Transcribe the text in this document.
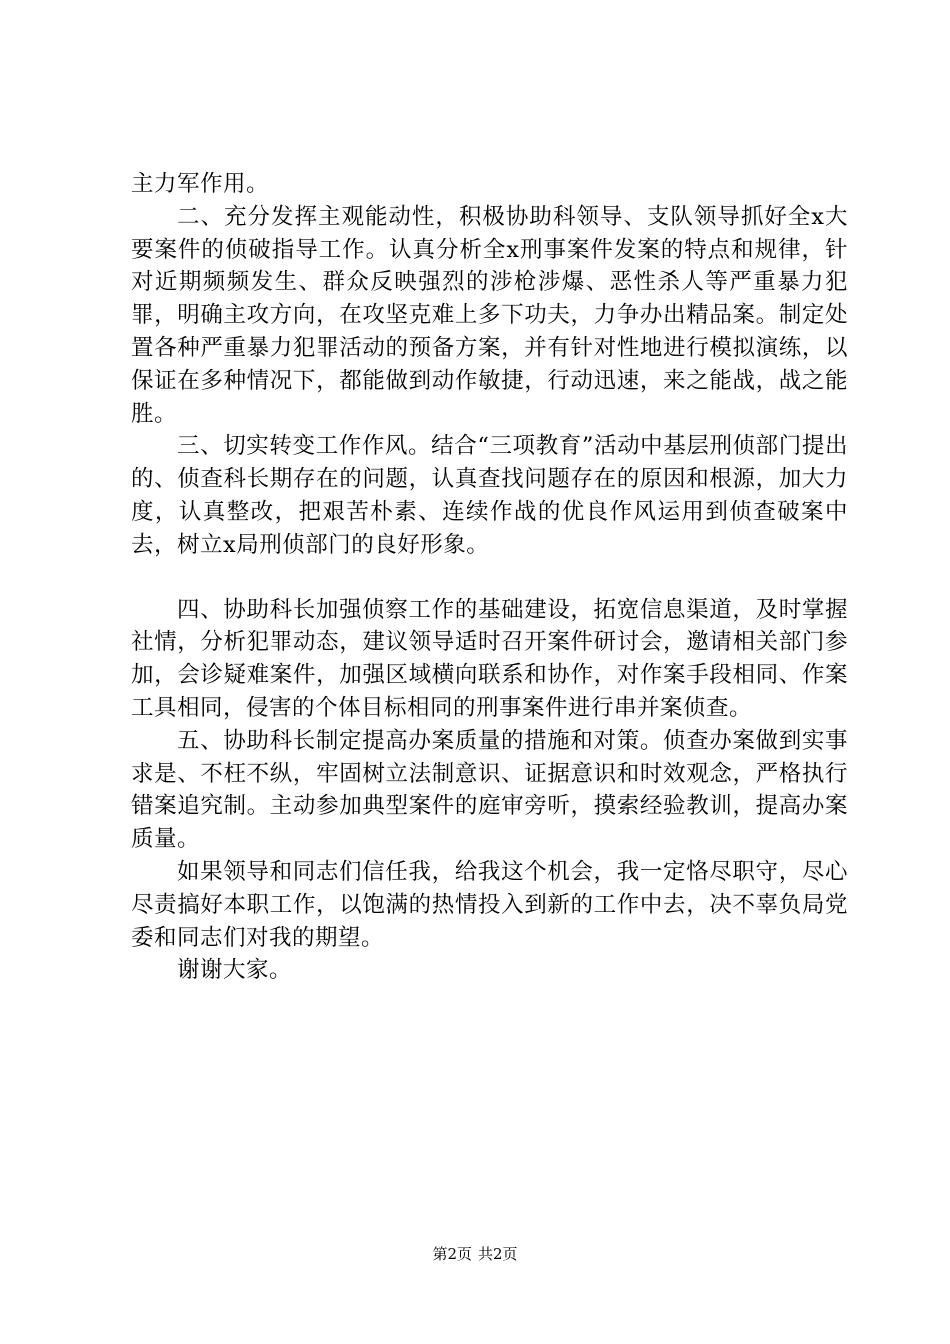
主力军作用。

二、充分发挥主观能动性，积极协助科领导、支队领导抓好全x大要案件的侦破指导工作。认真分析全x刑事案件发案的特点和规律，针对近期频频发生、群众反映强烈的涉枪涉爆、恶性杀人等严重暴力犯罪，明确主攻方向，在攻坚克难上多下功夫，力争办出精品案。制定处置各种严重暴力犯罪活动的预备方案，并有针对性地进行模拟演练，以保证在多种情况下，都能做到动作敏捷，行动迅速，来之能战，战之能胜。

三、切实转变工作作风。结合“三项教育”活动中基层刑侦部门提出的、侦查科长期存在的问题，认真查找问题存在的原因和根源，加大力度，认真整改，把艰苦朴素、连续作战的优良作风运用到侦查破案中去，树立x局刑侦部门的良好形象。

四、协助科长加强侦察工作的基础建设，拓宽信息渠道，及时掌握社情，分析犯罪动态，建议领导适时召开案件研讨会，邀请相关部门参加，会诊疑难案件，加强区域横向联系和协作，对作案手段相同、作案工具相同，侵害的个体目标相同的刑事案件进行串并案侦查。

五、协助科长制定提高办案质量的措施和对策。侦查办案做到实事求是、不枉不纵，牢固树立法制意识、证据意识和时效观念，严格执行错案追究制。主动参加典型案件的庭审旁听，摸索经验教训，提高办案质量。

如果领导和同志们信任我，给我这个机会，我一定恪尽职守，尽心尽责搞好本职工作，以饱满的热情投入到新的工作中去，决不辜负局党委和同志们对我的期望。

谢谢大家。

第2页 共2页
